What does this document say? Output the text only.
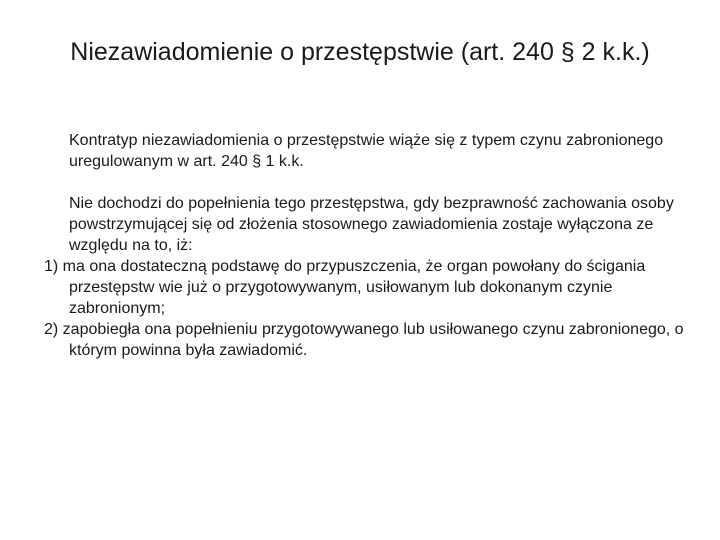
Niezawiadomienie o przestępstwie (art. 240 § 2 k.k.)

Kontratyp niezawiadomienia o przestępstwie wiąże się z typem czynu zabronionego uregulowanym w art. 240 § 1 k.k.

Nie dochodzi do popełnienia tego przestępstwa, gdy bezprawność zachowania osoby powstrzymującej się od złożenia stosownego zawiadomienia zostaje wyłączona ze względu na to, iż:

1) ma ona dostateczną podstawę do przypuszczenia, że organ powołany do ścigania przestępstw wie już o przygotowywanym, usiłowanym lub dokonanym czynie zabronionym;

2) zapobiegła ona popełnieniu przygotowywanego lub usiłowanego czynu zabronionego, o którym powinna była zawiadomić.
